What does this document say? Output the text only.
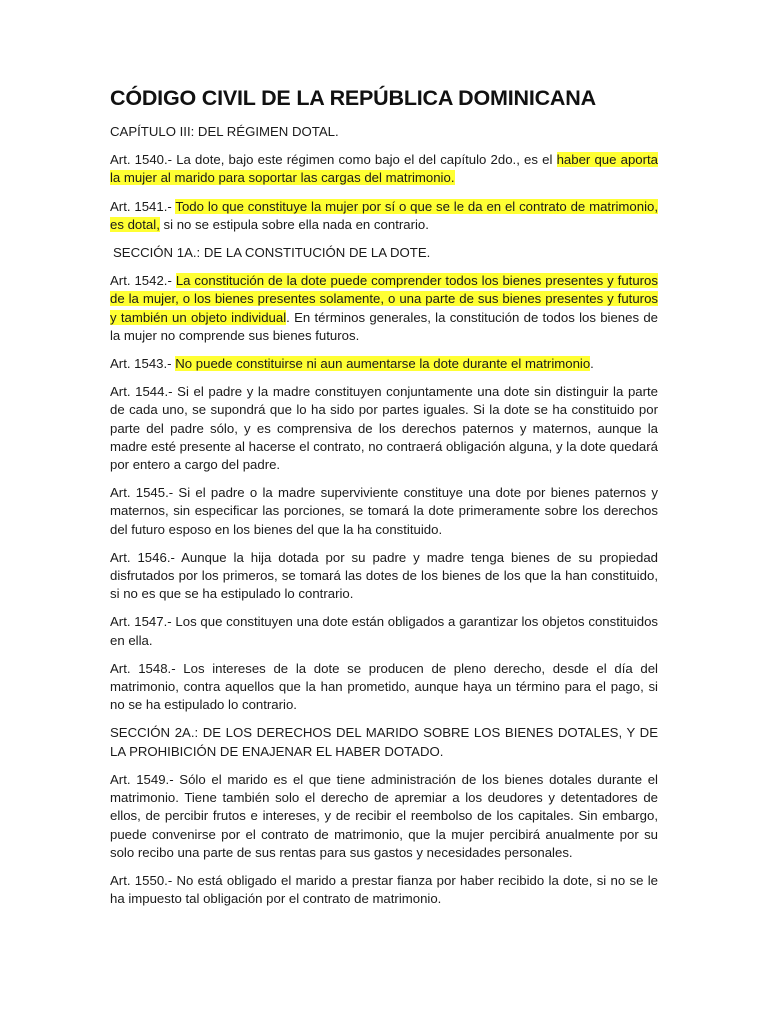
CÓDIGO CIVIL DE LA REPÚBLICA DOMINICANA

CAPÍTULO III: DEL RÉGIMEN DOTAL.

Art. 1540.- La dote, bajo este régimen como bajo el del capítulo 2do., es el haber que aporta la mujer al marido para soportar las cargas del matrimonio.

Art. 1541.- Todo lo que constituye la mujer por sí o que se le da en el contrato de matrimonio, es dotal, si no se estipula sobre ella nada en contrario.

SECCIÓN 1A.: DE LA CONSTITUCIÓN DE LA DOTE.

Art. 1542.- La constitución de la dote puede comprender todos los bienes presentes y futuros de la mujer, o los bienes presentes solamente, o una parte de sus bienes presentes y futuros y también un objeto individual. En términos generales, la constitución de todos los bienes de la mujer no comprende sus bienes futuros.

Art. 1543.- No puede constituirse ni aun aumentarse la dote durante el matrimonio.

Art. 1544.- Si el padre y la madre constituyen conjuntamente una dote sin distinguir la parte de cada uno, se supondrá que lo ha sido por partes iguales. Si la dote se ha constituido por parte del padre sólo, y es comprensiva de los derechos paternos y maternos, aunque la madre esté presente al hacerse el contrato, no contraerá obligación alguna, y la dote quedará por entero a cargo del padre.

Art. 1545.- Si el padre o la madre superviviente constituye una dote por bienes paternos y maternos, sin especificar las porciones, se tomará la dote primeramente sobre los derechos del futuro esposo en los bienes del que la ha constituido.

Art. 1546.- Aunque la hija dotada por su padre y madre tenga bienes de su propiedad disfrutados por los primeros, se tomará las dotes de los bienes de los que la han constituido, si no es que se ha estipulado lo contrario.

Art. 1547.- Los que constituyen una dote están obligados a garantizar los objetos constituidos en ella.

Art. 1548.- Los intereses de la dote se producen de pleno derecho, desde el día del matrimonio, contra aquellos que la han prometido, aunque haya un término para el pago, si no se ha estipulado lo contrario.

SECCIÓN 2A.: DE LOS DERECHOS DEL MARIDO SOBRE LOS BIENES DOTALES, Y DE LA PROHIBICIÓN DE ENAJENAR EL HABER DOTADO.

Art. 1549.- Sólo el marido es el que tiene administración de los bienes dotales durante el matrimonio. Tiene también solo el derecho de apremiar a los deudores y detentadores de ellos, de percibir frutos e intereses, y de recibir el reembolso de los capitales. Sin embargo, puede convenirse por el contrato de matrimonio, que la mujer percibirá anualmente por su solo recibo una parte de sus rentas para sus gastos y necesidades personales.

Art. 1550.- No está obligado el marido a prestar fianza por haber recibido la dote, si no se le ha impuesto tal obligación por el contrato de matrimonio.
